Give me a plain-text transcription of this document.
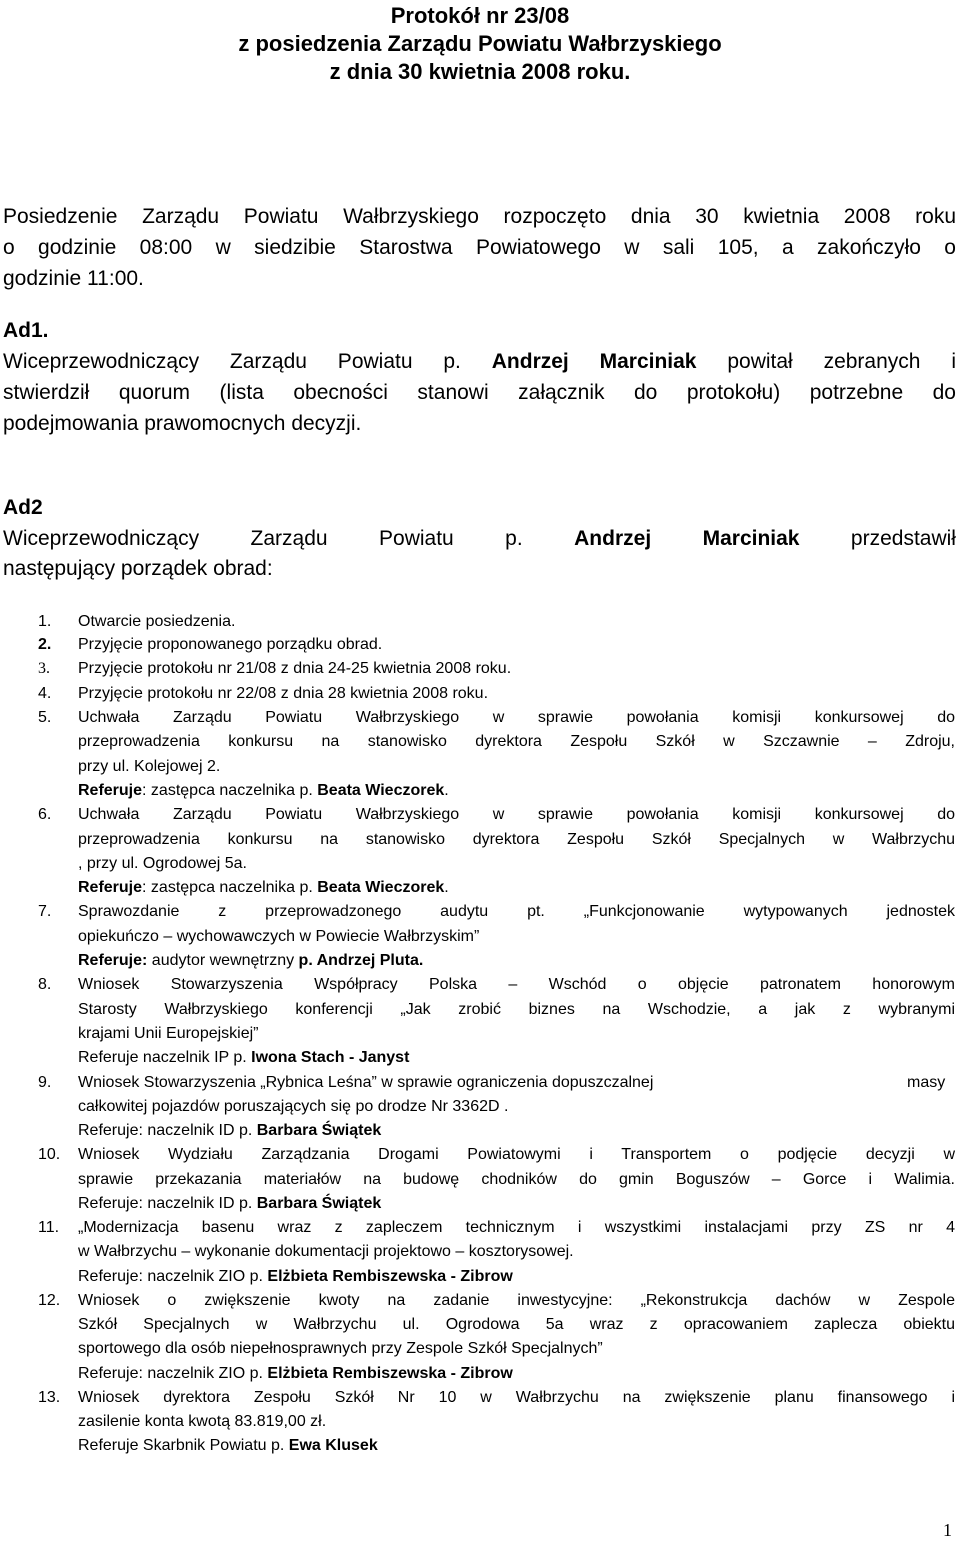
Protokół nr 23/08
z posiedzenia Zarządu Powiatu Wałbrzyskiego
z dnia 30 kwietnia 2008 roku.
Posiedzenie Zarządu Powiatu Wałbrzyskiego rozpoczęto dnia 30 kwietnia 2008 roku
o godzinie 08:00 w siedzibie Starostwa Powiatowego w sali 105, a zakończyło o
godzinie 11:00.
Ad1.
Wiceprzewodniczący Zarządu Powiatu p. Andrzej Marciniak powitał zebranych i
stwierdził quorum (lista obecności stanowi załącznik do protokołu) potrzebne do
podejmowania prawomocnych decyzji.
Ad2
Wiceprzewodniczący Zarządu Powiatu p. Andrzej Marciniak przedstawił
następujący porządek obrad:
1. Otwarcie posiedzenia.
2. Przyjęcie proponowanego porządku obrad.
3. Przyjęcie protokołu nr 21/08 z dnia 24-25 kwietnia 2008 roku.
4. Przyjęcie protokołu nr 22/08 z dnia 28 kwietnia 2008 roku.
5. Uchwała Zarządu Powiatu Wałbrzyskiego w sprawie powołania komisji konkursowej do
przeprowadzenia konkursu na stanowisko dyrektora Zespołu Szkół w Szczawnie – Zdroju,
przy ul. Kolejowej 2.
Referuje: zastępca naczelnika p. Beata Wieczorek.
6. Uchwała Zarządu Powiatu Wałbrzyskiego w sprawie powołania komisji konkursowej do
przeprowadzenia konkursu na stanowisko dyrektora Zespołu Szkół Specjalnych w Wałbrzychu
, przy ul. Ogrodowej 5a.
Referuje: zastępca naczelnika p. Beata Wieczorek.
7. Sprawozdanie z przeprowadzonego audytu pt. „Funkcjonowanie wytypowanych jednostek
opiekuńczo – wychowawczych w Powiecie Wałbrzyskim”
Referuje: audytor wewnętrzny p. Andrzej Pluta.
8. Wniosek Stowarzyszenia Współpracy Polska – Wschód o objęcie patronatem honorowym
Starosty Wałbrzyskiego konferencji „Jak zrobić biznes na Wschodzie, a jak z wybranymi
krajami Unii Europejskiej”
Referuje naczelnik IP p. Iwona Stach - Janyst
9. Wniosek Stowarzyszenia „Rybnica Leśna” w sprawie ograniczenia dopuszczalnej	masy
całkowitej pojazdów poruszających się po drodze Nr 3362D .
Referuje: naczelnik ID p. Barbara Świątek
10. Wniosek Wydziału Zarządzania Drogami Powiatowymi i Transportem o podjęcie decyzji w
sprawie przekazania materiałów na budowę chodników do gmin Boguszów – Gorce i Walimia.
Referuje: naczelnik ID p. Barbara Świątek
11. „Modernizacja basenu wraz z zapleczem technicznym i wszystkimi instalacjami przy ZS nr 4
w Wałbrzychu – wykonanie dokumentacji projektowo – kosztorysowej.
Referuje: naczelnik ZIO p. Elżbieta Rembiszewska - Zibrow
12. Wniosek o zwiększenie kwoty na zadanie inwestycyjne: „Rekonstrukcja dachów w Zespole
Szkół Specjalnych w Wałbrzychu ul. Ogrodowa 5a wraz z opracowaniem zaplecza obiektu
sportowego dla osób niepełnosprawnych przy Zespole Szkół Specjalnych”
Referuje: naczelnik ZIO p. Elżbieta Rembiszewska - Zibrow
13. Wniosek dyrektora Zespołu Szkół Nr 10 w Wałbrzychu na zwiększenie planu finansowego i
zasilenie konta kwotą 83.819,00 zł.
Referuje Skarbnik Powiatu p. Ewa Klusek
1
